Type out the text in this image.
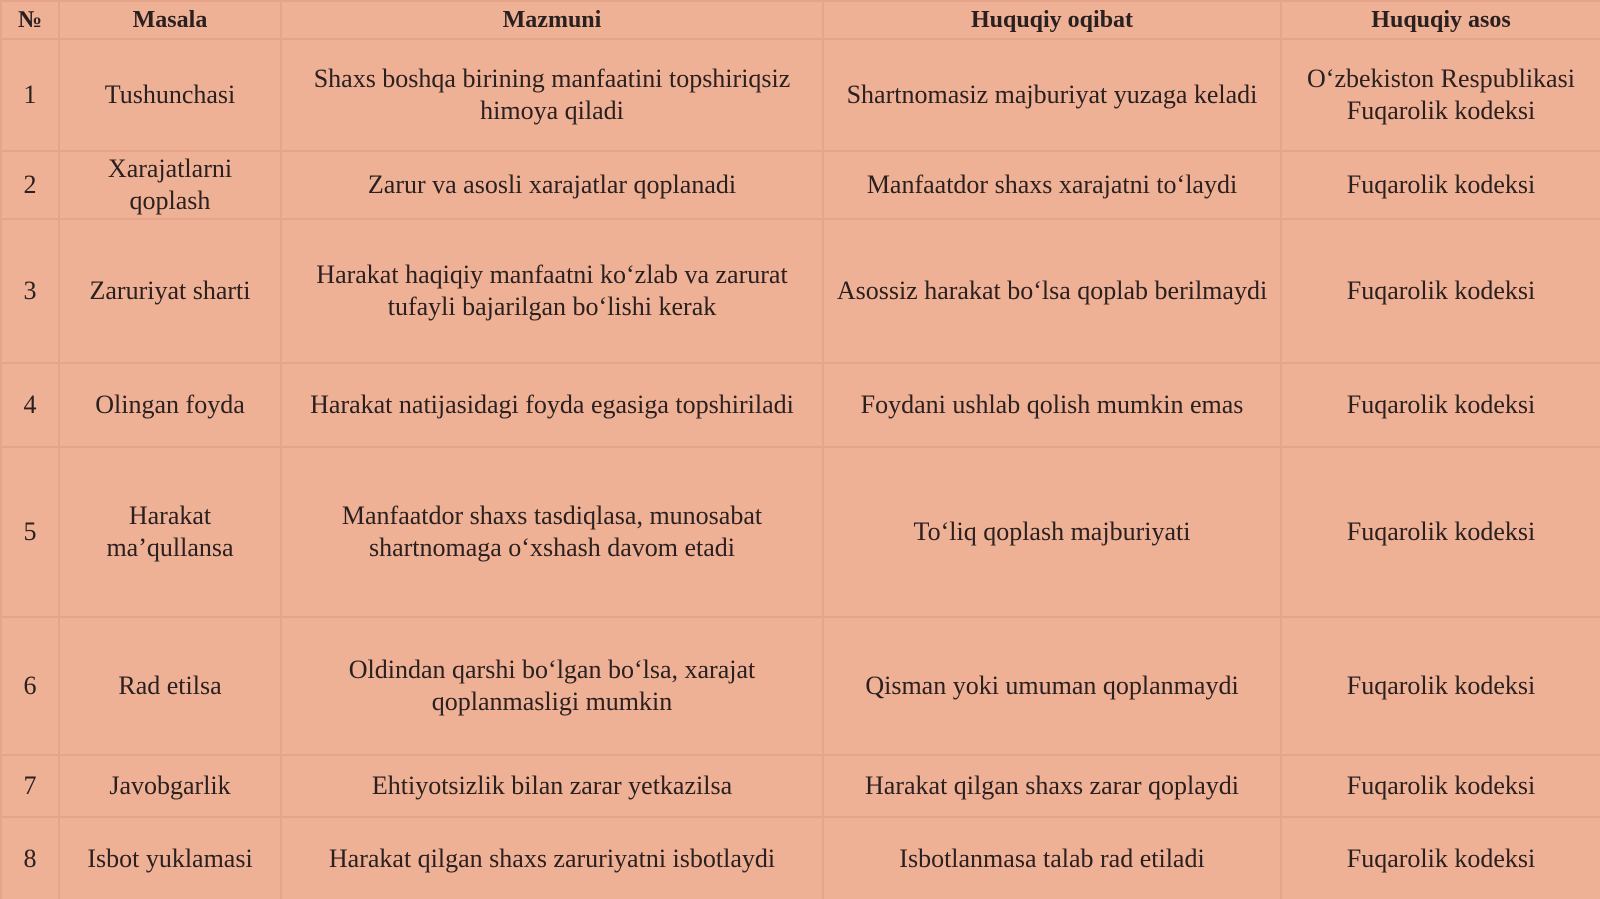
№	Masala	Mazmuni	Huquqiy oqibat	Huquqiy asos
1	Tushunchasi	Shaxs boshqa birining manfaatini topshiriqsiz himoya qiladi	Shartnomasiz majburiyat yuzaga keladi	O‘zbekiston Respublikasi Fuqarolik kodeksi
2	Xarajatlarni qoplash	Zarur va asosli xarajatlar qoplanadi	Manfaatdor shaxs xarajatni to‘laydi	Fuqarolik kodeksi
3	Zaruriyat sharti	Harakat haqiqiy manfaatni ko‘zlab va zarurat tufayli bajarilgan bo‘lishi kerak	Asossiz harakat bo‘lsa qoplab berilmaydi	Fuqarolik kodeksi
4	Olingan foyda	Harakat natijasidagi foyda egasiga topshiriladi	Foydani ushlab qolish mumkin emas	Fuqarolik kodeksi
5	Harakat ma’qullansa	Manfaatdor shaxs tasdiqlasa, munosabat shartnomaga o‘xshash davom etadi	To‘liq qoplash majburiyati	Fuqarolik kodeksi
6	Rad etilsa	Oldindan qarshi bo‘lgan bo‘lsa, xarajat qoplanmasligi mumkin	Qisman yoki umuman qoplanmaydi	Fuqarolik kodeksi
7	Javobgarlik	Ehtiyotsizlik bilan zarar yetkazilsa	Harakat qilgan shaxs zarar qoplaydi	Fuqarolik kodeksi
8	Isbot yuklamasi	Harakat qilgan shaxs zaruriyatni isbotlaydi	Isbotlanmasa talab rad etiladi	Fuqarolik kodeksi
